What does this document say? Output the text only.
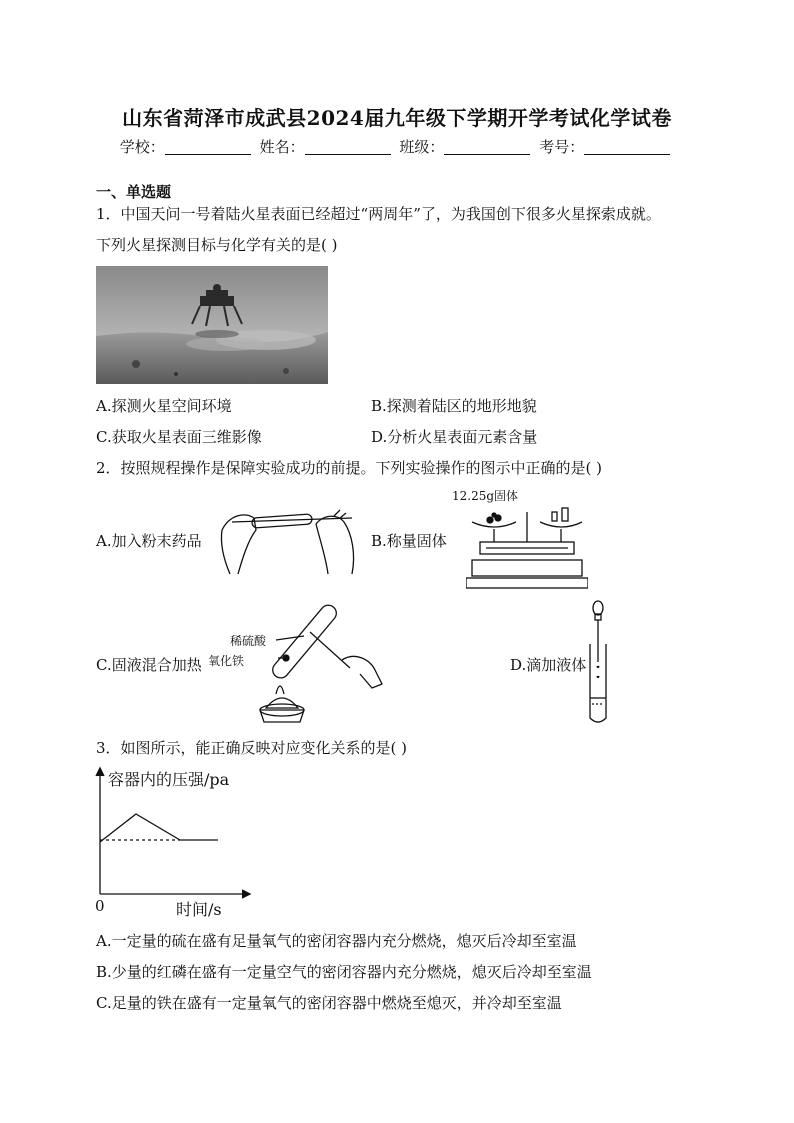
山东省菏泽市成武县2024届九年级下学期开学考试化学试卷
学校：	姓名：	班级：	考号：
一、单选题
1．中国天问一号着陆火星表面已经超过“两周年”了，为我国创下很多火星探索成就。
下列火星探测目标与化学有关的是( )
A.探测火星空间环境	B.探测着陆区的地形地貌
C.获取火星表面三维影像	D.分析火星表面元素含量
2．按照规程操作是保障实验成功的前提。下列实验操作的图示中正确的是( )
A.加入粉末药品	B.称量固体
12.25g固体
C.固液混合加热
稀硫酸
氧化铁	D.滴加液体
3．如图所示，能正确反映对应变化关系的是( )
容器内的压强/pa
时间/s
0
A.一定量的硫在盛有足量氧气的密闭容器内充分燃烧，熄灭后冷却至室温
B.少量的红磷在盛有一定量空气的密闭容器内充分燃烧，熄灭后冷却至室温
C.足量的铁在盛有一定量氧气的密闭容器中燃烧至熄灭，并冷却至室温
